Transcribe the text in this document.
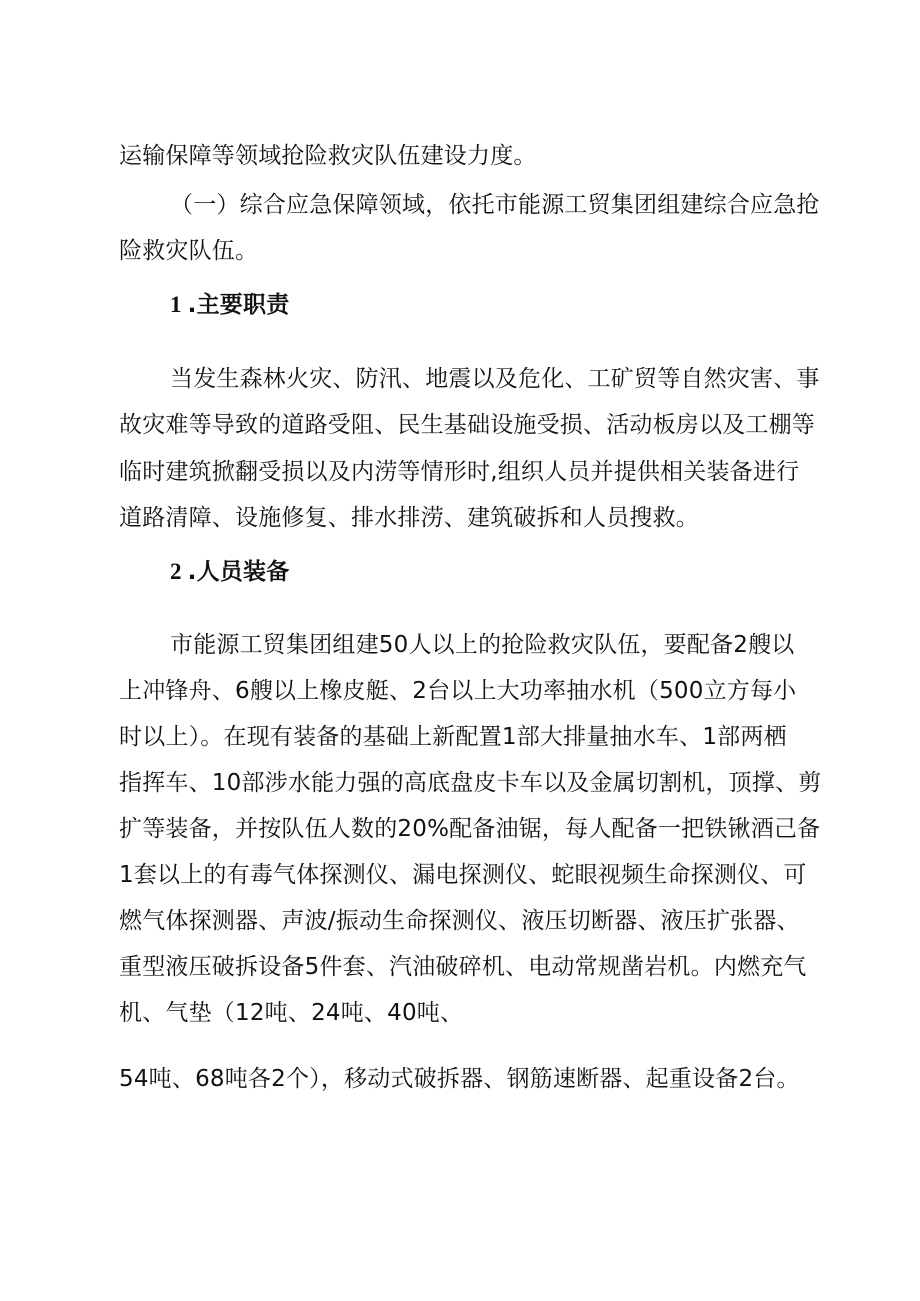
运输保障等领域抢险救灾队伍建设力度。
（一）综合应急保障领域，依托市能源工贸集团组建综合应急抢
险救灾队伍。
1 .主要职责
当发生森林火灾、防汛、地震以及危化、工矿贸等自然灾害、事
故灾难等导致的道路受阻、民生基础设施受损、活动板房以及工棚等
临时建筑掀翻受损以及内涝等情形时,组织人员并提供相关装备进行
道路清障、设施修复、排水排涝、建筑破拆和人员搜救。
2 .人员装备
市能源工贸集团组建50人以上的抢险救灾队伍，要配备2艘以
上冲锋舟、6艘以上橡皮艇、2台以上大功率抽水机（500立方每小
时以上）。在现有装备的基础上新配置1部大排量抽水车、1部两栖
指挥车、10部涉水能力强的高底盘皮卡车以及金属切割机，顶撑、剪
扩等装备，并按队伍人数的20%配备油锯，每人配备一把铁锹酒己备
1套以上的有毒气体探测仪、漏电探测仪、蛇眼视频生命探测仪、可
燃气体探测器、声波/振动生命探测仪、液压切断器、液压扩张器、
重型液压破拆设备5件套、汽油破碎机、电动常规凿岩机。内燃充气
机、气垫（12吨、24吨、40吨、
54吨、68吨各2个），移动式破拆器、钢筋速断器、起重设备2台。
